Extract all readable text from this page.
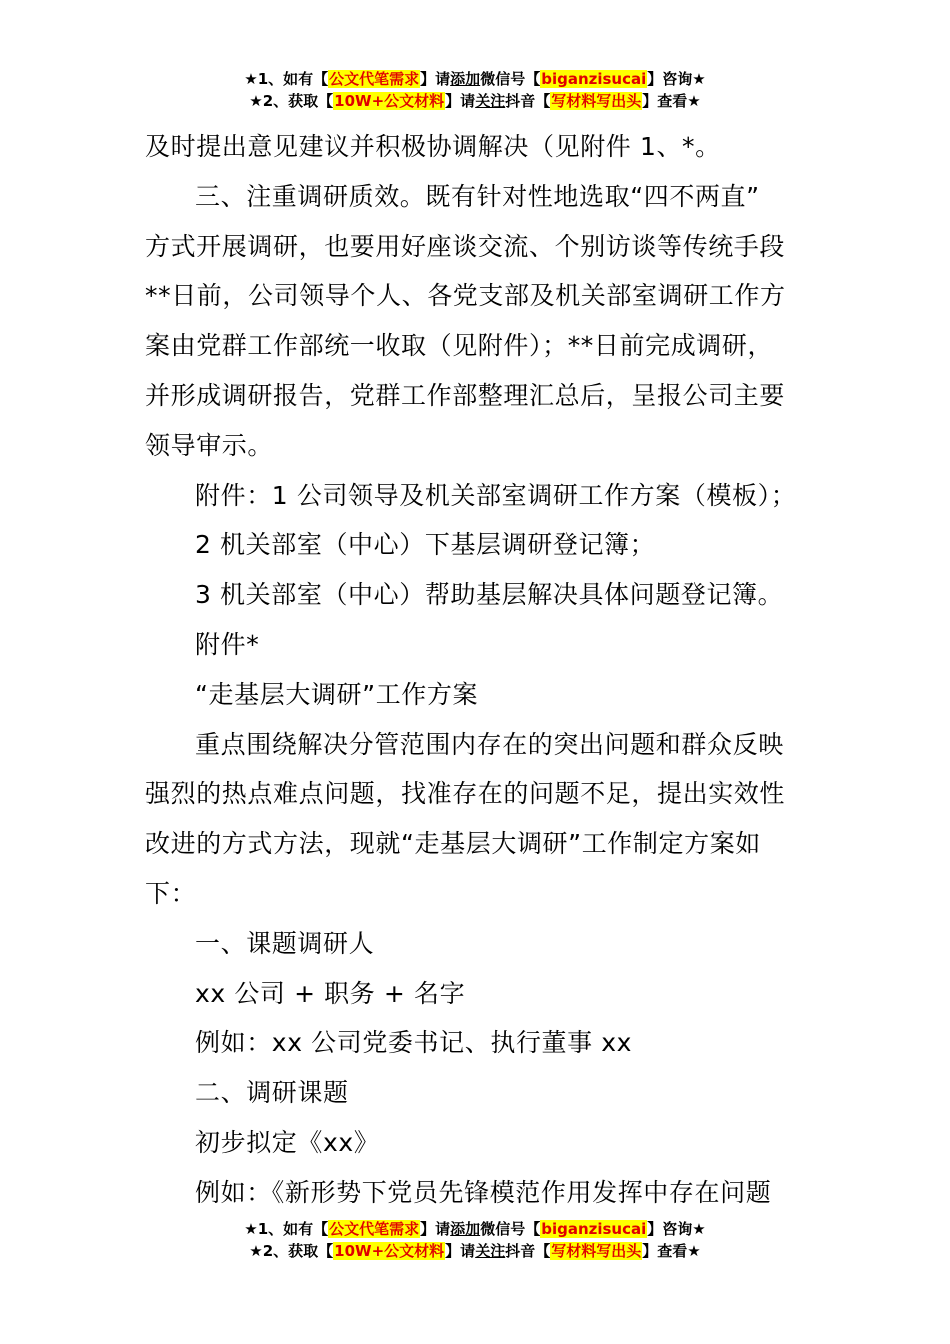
★1、如有【公文代笔需求】请添加微信号【biganzisucai】咨询★
★2、获取【10W+公文材料】请关注抖音【写材料写出头】查看★
及时提出意见建议并积极协调解决（见附件 1、*。
三、注重调研质效。既有针对性地选取“四不两直”
方式开展调研，也要用好座谈交流、个别访谈等传统手段
**日前，公司领导个人、各党支部及机关部室调研工作方
案由党群工作部统一收取（见附件）；**日前完成调研，
并形成调研报告，党群工作部整理汇总后，呈报公司主要
领导审示。
附件：1 公司领导及机关部室调研工作方案（模板）；
2 机关部室（中心）下基层调研登记簿；
3 机关部室（中心）帮助基层解决具体问题登记簿。
附件*
“走基层大调研”工作方案
重点围绕解决分管范围内存在的突出问题和群众反映
强烈的热点难点问题，找准存在的问题不足，提出实效性
改进的方式方法，现就“走基层大调研”工作制定方案如
下：
一、课题调研人
xx 公司 + 职务 + 名字
例如：xx 公司党委书记、执行董事 xx
二、调研课题
初步拟定《xx》
例如：《新形势下党员先锋模范作用发挥中存在问题
★1、如有【公文代笔需求】请添加微信号【biganzisucai】咨询★
★2、获取【10W+公文材料】请关注抖音【写材料写出头】查看★
